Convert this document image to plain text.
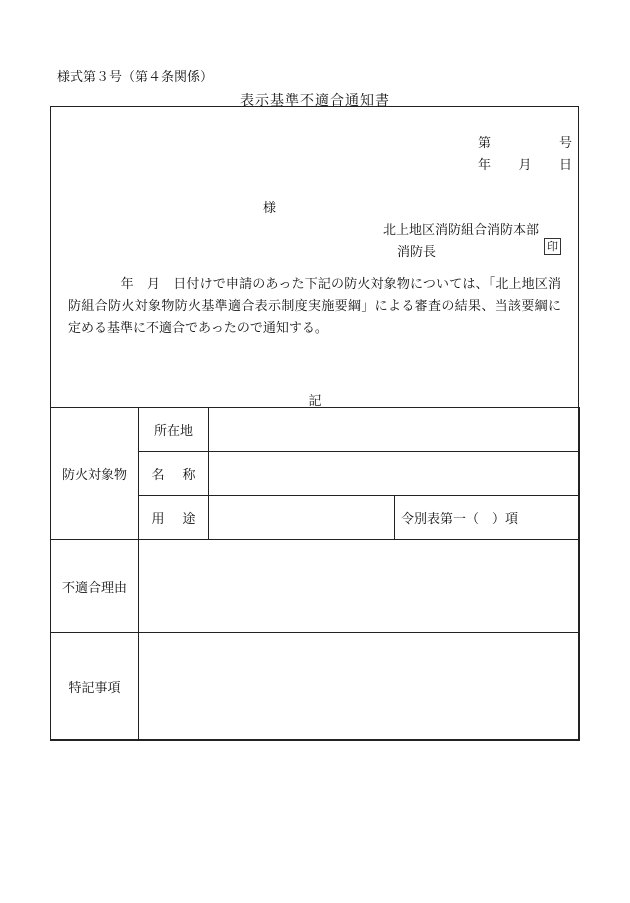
様式第３号（第４条関係）
表示基準不適合通知書
第	号
年 月 日
様
北上地区消防組合消防本部
消防長	印

　　　　年　月　日付けで申請のあった下記の防火対象物については、「北上地区消防組合防火対象物防火基準適合表示制度実施要綱」による審査の結果、当該要綱に定める基準に不適合であったので通知する。

記
防火対象物	所在地		

	名 称		

	用 途		令別表第一（　）項
不適合理由			
特記事項			
